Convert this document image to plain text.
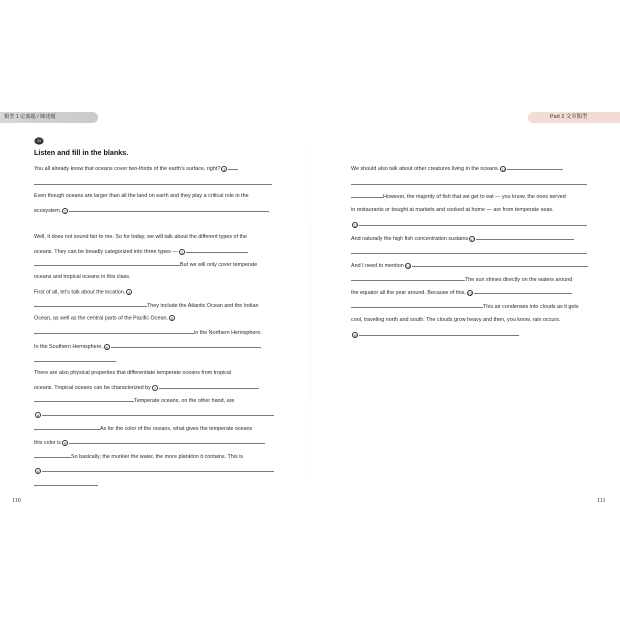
類型 1 定義題 / 陳述題	Part 2 文章類型
24
Listen and fill in the blanks.
You all already know that oceans cover two-thirds of the earth’s surface, right? 1
Even though oceans are larger than all the land on earth and they play a critical role in the
ecosystem, 2
Well, it does not sound fair to me. So for today, we will talk about the different types of the
oceans. They can be broadly categorized into three types — 3
But we will only cover temperate
oceans and tropical oceans in this class.
First of all, let’s talk about the location. 4
They include the Atlantic Ocean and the Indian
Ocean, as well as the central parts of the Pacific Ocean. 5
in the Northern Hemisphere.
In the Southern Hemisphere, 6
There are also physical properties that differentiate temperate oceans from tropical
oceans. Tropical oceans can be characterized by 7
Temperate oceans, on the other hand, are
8
As for the color of the oceans, what gives the temperate oceans
this color is 9
So basically, the murkier the water, the more plankton it contains. This is
10
We should also talk about other creatures living in the oceans. 11
However, the majority of fish that we get to eat — you know, the ones served
in restaurants or bought at markets and cooked at home — are from temperate seas.
12
And naturally the high fish concentration sustains 13
And I need to mention 14
The sun shines directly on the waters around
the equator all the year around. Because of this, 15
This air condenses into clouds as it gets
cool, traveling north and south. The clouds grow heavy and then, you know, rain occurs.
16
110	111
